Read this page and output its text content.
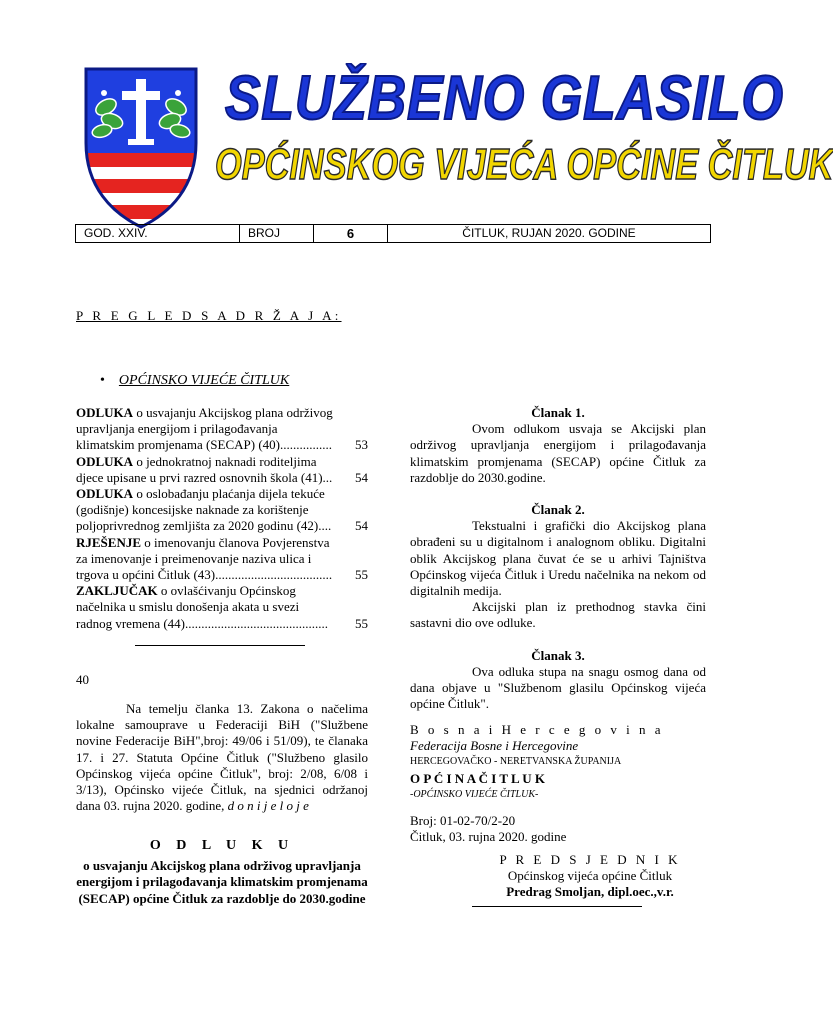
SLUŽBENO GLASILO
OPĆINSKOG VIJEĆA OPĆINE ČITLUK
GOD. XXIV.	BROJ	6	ČITLUK, RUJAN 2020. GODINE
P R E G L E D S A D R Ž A J A:
• OPĆINSKO VIJEĆE ČITLUK
ODLUKA o usvajanju Akcijskog plana održivog
upravljanja energijom i prilagođavanja
klimatskim promjenama (SECAP) (40)................ 53
ODLUKA o jednokratnoj naknadi roditeljima
djece upisane u prvi razred osnovnih škola (41)... 54
ODLUKA o oslobađanju plaćanja dijela tekuće
(godišnje) koncesijske naknade za korištenje
poljoprivrednog zemljišta za 2020 godinu (42).... 54
RJEŠENJE o imenovanju članova Povjerenstva
za imenovanje i preimenovanje naziva ulica i
trgova u općini Čitluk (43).................................... 55
ZAKLJUČAK o ovlašćivanju Općinskog
načelnika u smislu donošenja akata u svezi
radnog vremena (44)............................................ 55
40
Na temelju članka 13. Zakona o načelima lokalne samouprave u Federaciji BiH ("Službene novine Federacije BiH",broj: 49/06 i 51/09), te članaka 17. i 27. Statuta Općine Čitluk ("Službeno glasilo Općinskog vijeća općine Čitluk", broj: 2/08, 6/08 i 3/13), Općinsko vijeće Čitluk, na sjednici održanoj dana 03. rujna 2020. godine, d o n i j e l o j e
O D L U K U
o usvajanju Akcijskog plana održivog upravljanja energijom i prilagođavanja klimatskim promjenama (SECAP) općine Čitluk za razdoblje do 2030.godine

Članak 1.

Ovom odlukom usvaja se Akcijski plan održivog upravljanja energijom i prilagođavanja klimatskim promjenama (SECAP) općine Čitluk za razdoblje do 2030.godine.

Članak 2.

Tekstualni i grafički dio Akcijskog plana obrađeni su u digitalnom i analognom obliku. Digitalni oblik Akcijskog plana čuvat će se u arhivi Tajništva Općinskog vijeća Čitluk i Uredu načelnika na nekom od digitalnih medija.

Akcijski plan iz prethodnog stavka čini sastavni dio ove odluke.

Članak 3.

Ova odluka stupa na snagu osmog dana od dana objave u "Službenom glasilu Općinskog vijeća općine Čitluk".

B o s n a i H e r c e g o v i n a
Federacija Bosne i Hercegovine
HERCEGOVAČKO - NERETVANSKA ŽUPANIJA
O P Ć I N A Č I T L U K
-OPĆINSKO VIJEĆE ČITLUK-
Broj: 01-02-70/2-20
Čitluk, 03. rujna 2020. godine
P R E D S J E D N I K
Općinskog vijeća općine Čitluk
Predrag Smoljan, dipl.oec.,v.r.
